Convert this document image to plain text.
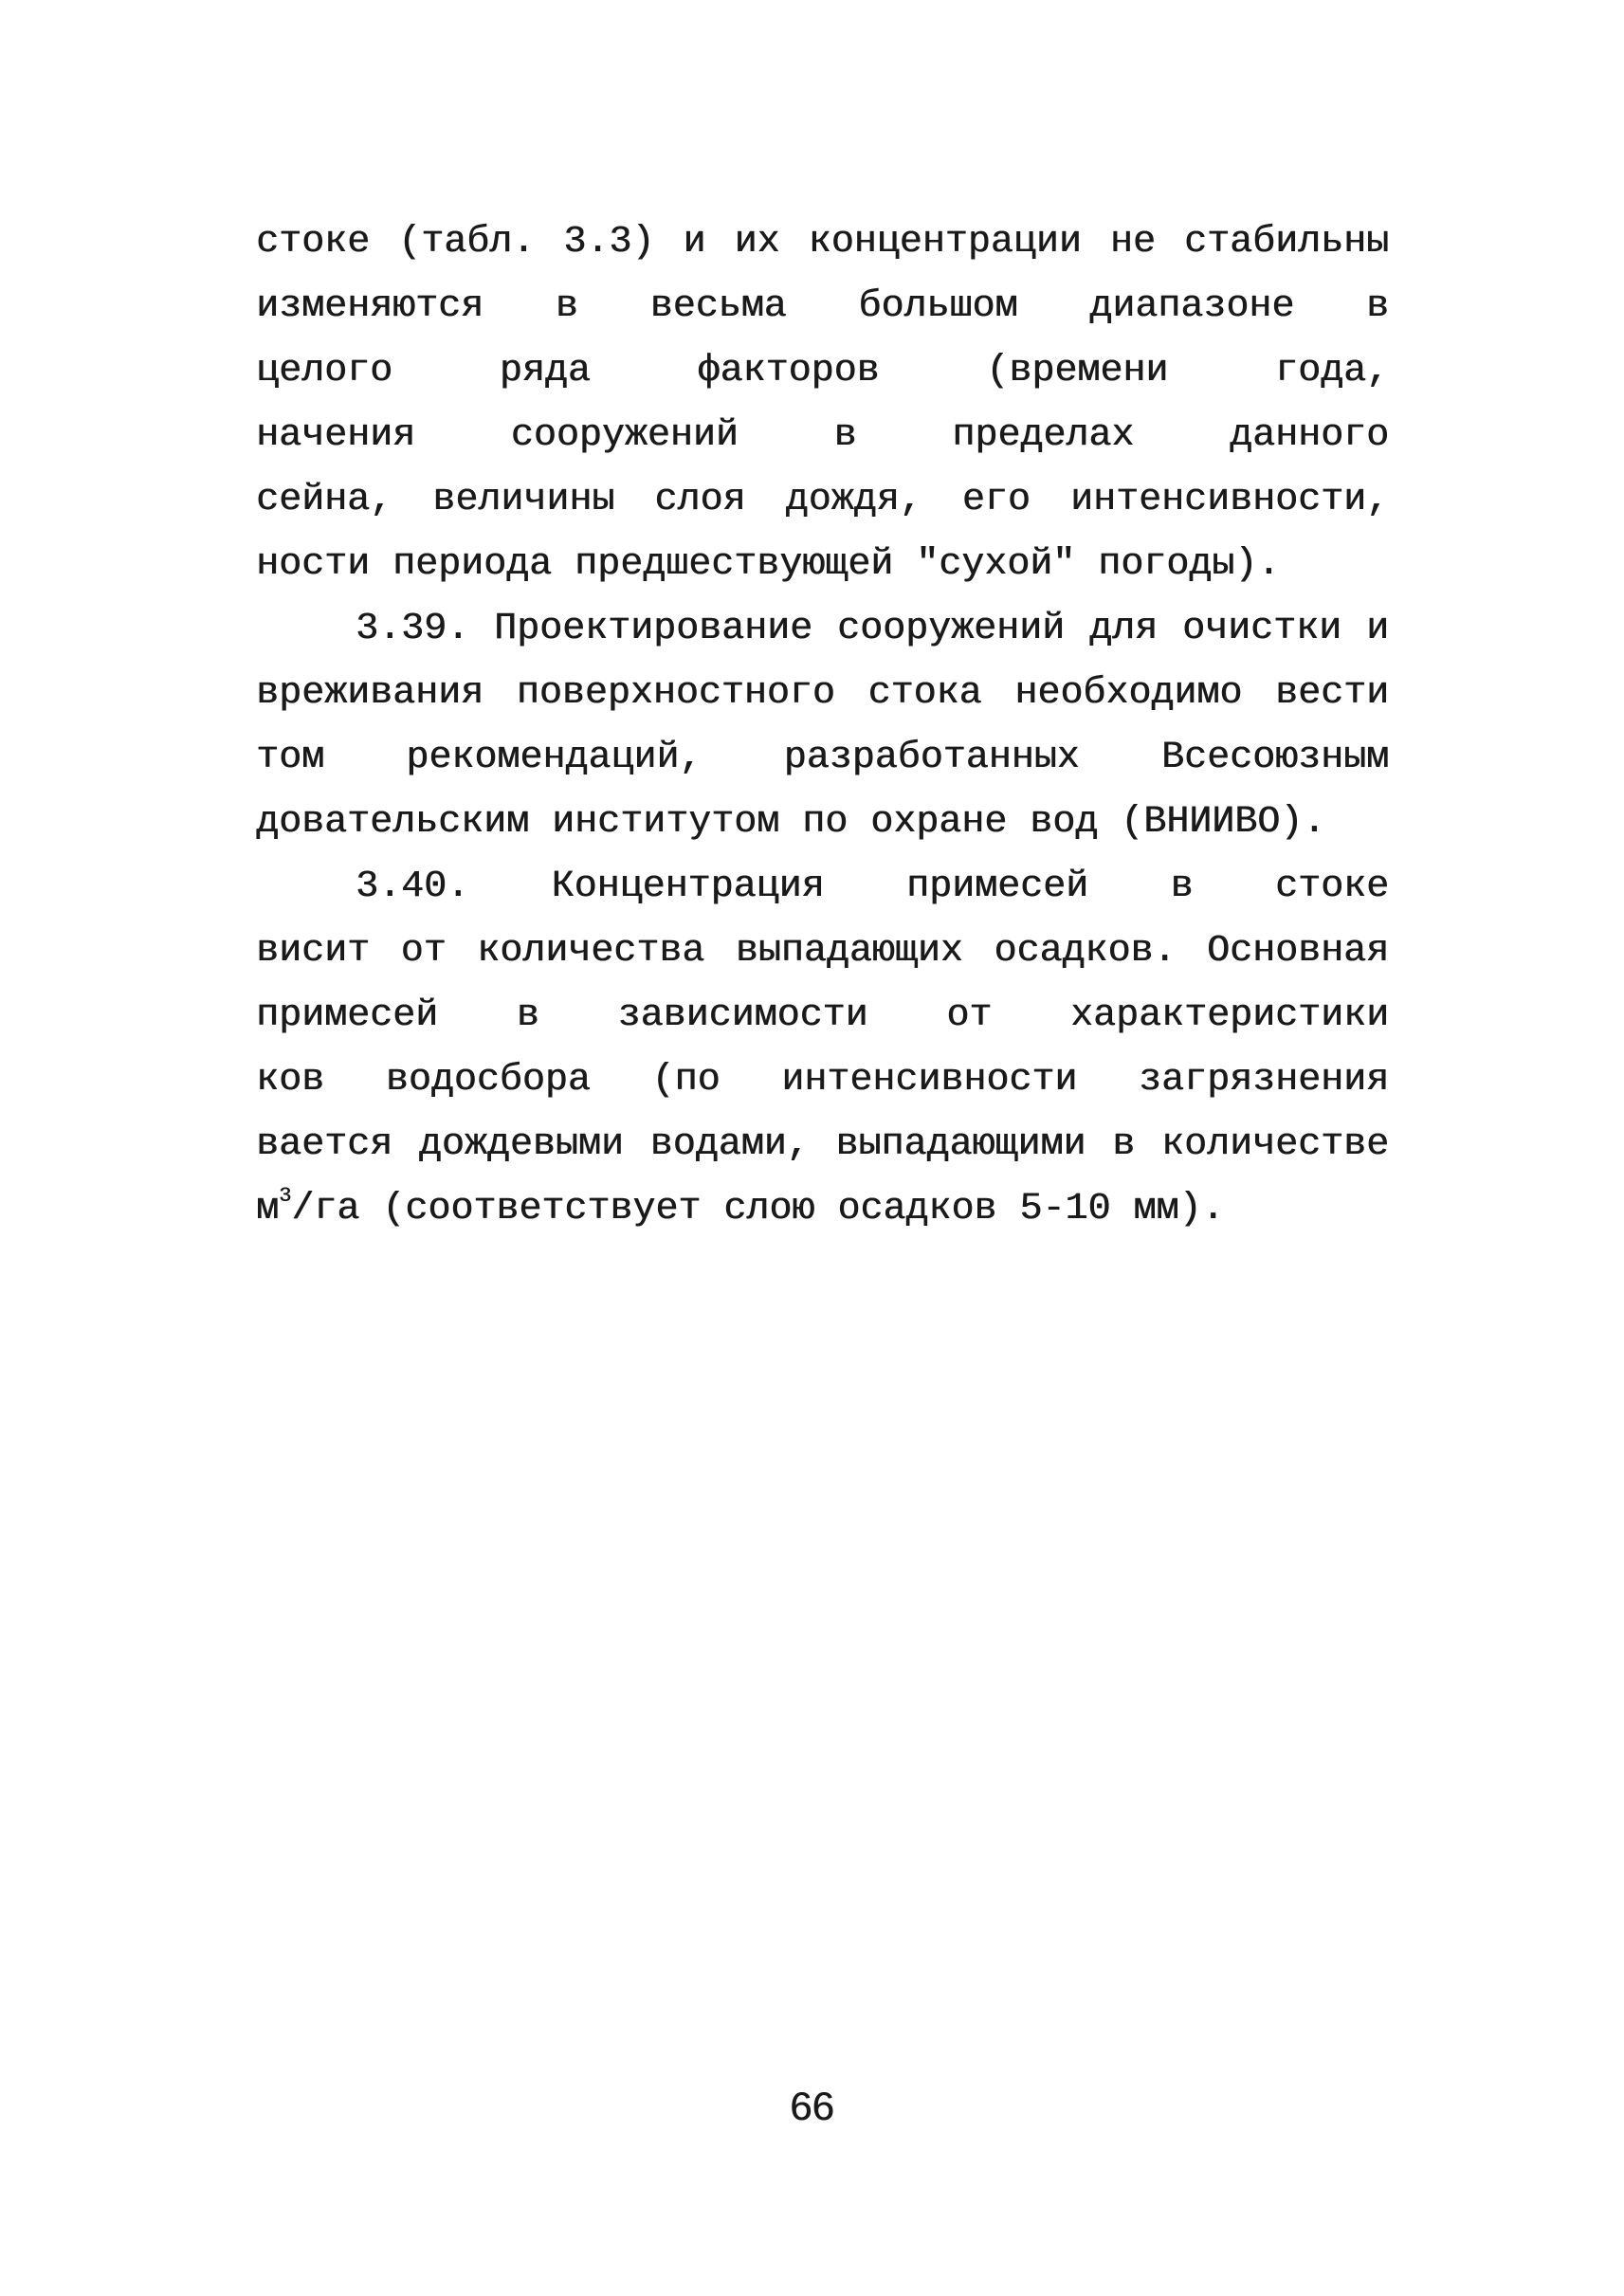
стоке (табл. 3.3) и их концентрации не стабильны
изменяются в весьма большом диапазоне в
целого ряда факторов (времени года,
начения сооружений в пределах данного
сейна, величины слоя дождя, его интенсивности,
ности периода предшествующей "сухой" погоды).
3.39. Проектирование сооружений для очистки и
вреживания поверхностного стока необходимо вести
том рекомендаций, разработанных Всесоюзным
довательским институтом по охране вод (ВНИИВО).
3.40. Концентрация примесей в стоке
висит от количества выпадающих осадков. Основная
примесей в зависимости от характеристики
ков водосбора (по интенсивности загрязнения
вается дождевыми водами, выпадающими в количестве
$м^3/га$ (соответствует слою осадков 5-10 мм).
66
